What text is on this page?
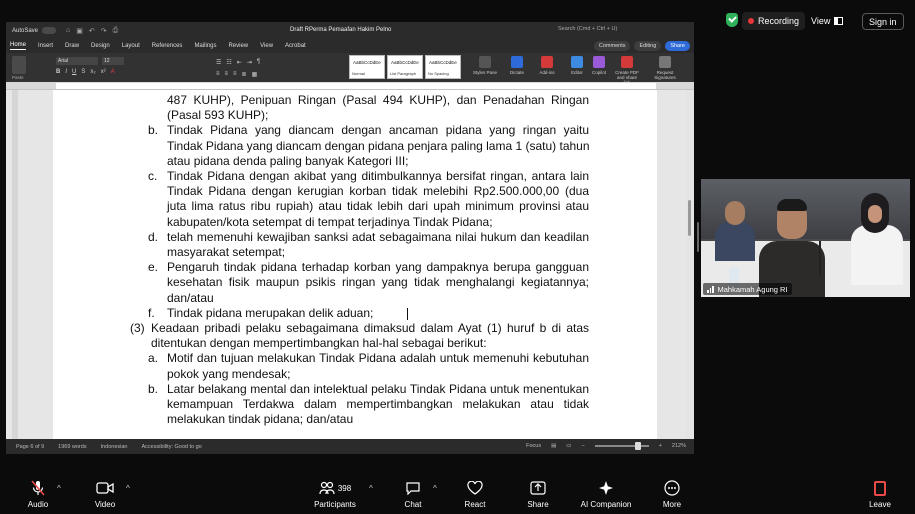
Recording View	Sign in
AutoSave	⌂ ▣ ↶ ↷ ⎙	Draft RPerma Pemaafan Hakim Pelno	Search (Cmd + Ctrl + U)
Home Insert Draw Design Layout References Mailings Review View Acrobat	Comments	Editing	Share
Paste
Arial	12
B I U S x₂ x² A
☰ ☷ ⇤ ⇥ ¶
≡ ≡ ≡ ≣ ▦
AaBbCcDdEe
Normal
AaBbCcDdEe
List Paragraph
AaBbCcDdEe
No Spacing	Styles Pane	Dictate	Add-ins	Editor	Copilot	Create PDF and share
Request Signatures
487 KUHP), Penipuan Ringan (Pasal 494 KUHP), dan Penadahan Ringan
(Pasal 593 KUHP);
b. Tindak Pidana yang diancam dengan ancaman pidana yang ringan yaitu
Tindak Pidana yang diancam dengan pidana penjara paling lama 1 (satu) tahun
atau pidana denda paling banyak Kategori III;
c. Tindak Pidana dengan akibat yang ditimbulkannya bersifat ringan, antara lain
Tindak Pidana dengan kerugian korban tidak melebihi Rp2.500.000,00 (dua
juta lima ratus ribu rupiah) atau tidak lebih dari upah minimum provinsi atau
kabupaten/kota setempat di tempat terjadinya Tindak Pidana;
d. telah memenuhi kewajiban sanksi adat sebagaimana nilai hukum dan keadilan
masyarakat setempat;
e. Pengaruh tindak pidana terhadap korban yang dampaknya berupa gangguan
kesehatan fisik maupun psikis ringan yang tidak menghalangi kegiatannya;
dan/atau
f. Tindak pidana merupakan delik aduan;
(3) Keadaan pribadi pelaku sebagaimana dimaksud dalam Ayat (1) huruf b di atas
ditentukan dengan mempertimbangkan hal-hal sebagai berikut:
a. Motif dan tujuan melakukan Tindak Pidana adalah untuk memenuhi kebutuhan
pokok yang mendesak;
b. Latar belakang mental dan intelektual pelaku Tindak Pidana untuk menentukan
kemampuan Terdakwa dalam mempertimbangkan melakukan atau tidak
melakukan tindak pidana; dan/atau
Page 6 of 9	1969 words	Indonesian	Accessibility: Good to go	Focus ▤ ▭ −	+ 212%
Mahkamah Agung RI
Audio
^
Video
^	398
Participants
^
Chat
^
React	Share	AI Companion	More	Leave
